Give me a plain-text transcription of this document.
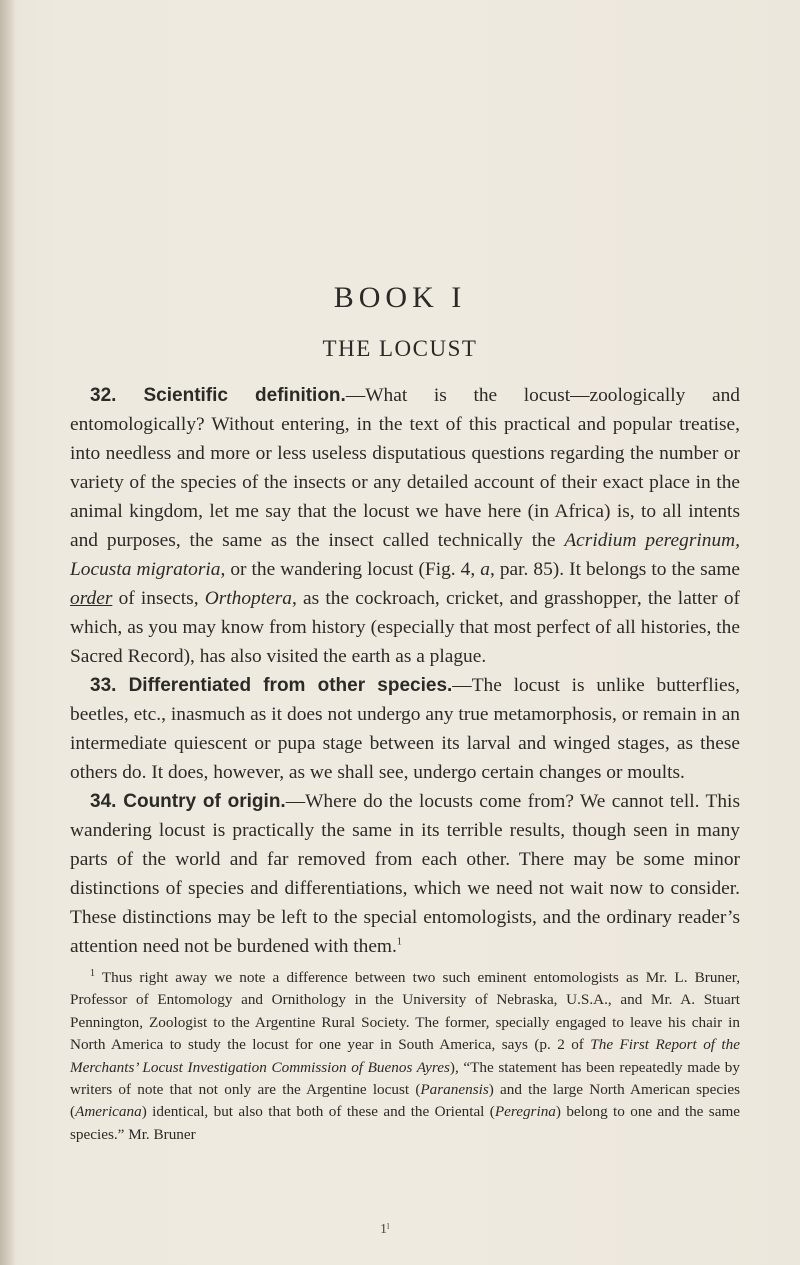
BOOK I
THE LOCUST

32. Scientific definition.—What is the locust—zoologically and entomologically? Without entering, in the text of this practical and popular treatise, into needless and more or less useless disputatious questions regarding the number or variety of the species of the insects or any detailed account of their exact place in the animal kingdom, let me say that the locust we have here (in Africa) is, to all intents and purposes, the same as the insect called technically the Acridium peregrinum, Locusta migratoria, or the wandering locust (Fig. 4, a, par. 85). It belongs to the same order of insects, Orthoptera, as the cockroach, cricket, and grasshopper, the latter of which, as you may know from history (especially that most perfect of all histories, the Sacred Record), has also visited the earth as a plague.

33. Differentiated from other species.—The locust is unlike butterflies, beetles, etc., inasmuch as it does not undergo any true metamorphosis, or remain in an intermediate quiescent or pupa stage between its larval and winged stages, as these others do. It does, however, as we shall see, undergo certain changes or moults.

34. Country of origin.—Where do the locusts come from? We cannot tell. This wandering locust is practically the same in its terrible results, though seen in many parts of the world and far removed from each other. There may be some minor distinctions of species and differentiations, which we need not wait now to consider. These distinctions may be left to the special entomologists, and the ordinary reader’s attention need not be burdened with them.$^1$

$^1$ Thus right away we note a difference between two such eminent entomologists as Mr. L. Bruner, Professor of Entomology and Ornithology in the University of Nebraska, U.S.A., and Mr. A. Stuart Pennington, Zoologist to the Argentine Rural Society. The former, specially engaged to leave his chair in North America to study the locust for one year in South America, says (p. 2 of The First Report of the Merchants’ Locust Investigation Commission of Buenos Ayres), “The statement has been repeatedly made by writers of note that not only are the Argentine locust (Paranensis) and the large North American species (Americana) identical, but also that both of these and the Oriental (Peregrina) belong to one and the same species.” Mr. Bruner

1ˡ
